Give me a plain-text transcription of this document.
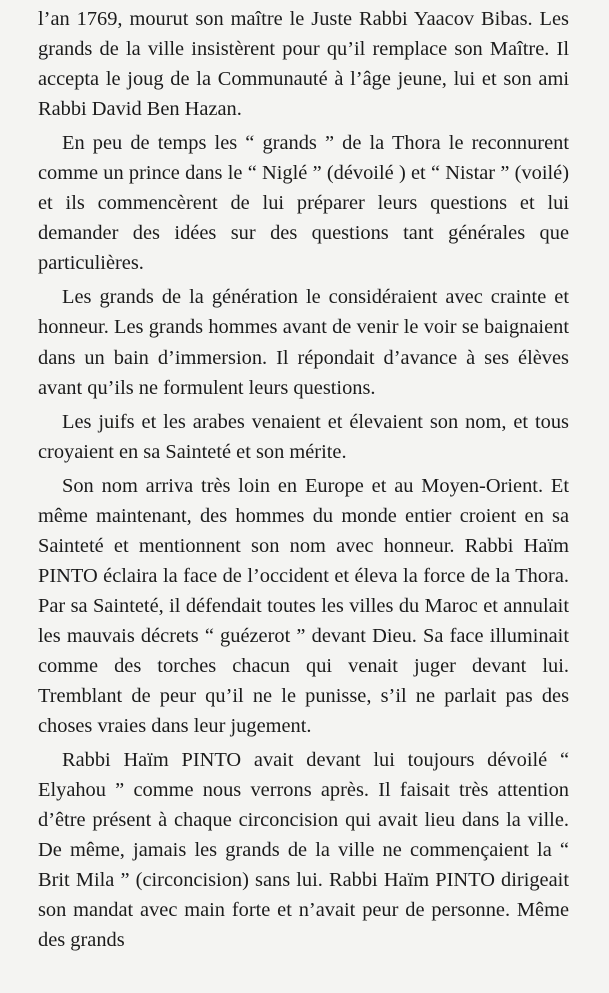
l’an 1769, mourut son maître le Juste Rabbi Yaacov Bibas. Les grands de la ville insistèrent pour qu’il remplace son Maître. Il accepta le joug de la Communauté à l’âge jeune, lui et son ami Rabbi David Ben Hazan.

En peu de temps les “ grands ” de la Thora le reconnurent comme un prince dans le “ Niglé ” (dévoilé ) et “ Nistar ” (voilé) et ils commencèrent de lui préparer leurs questions et lui demander des idées sur des questions tant générales que particulières.

Les grands de la génération le considéraient avec crainte et honneur. Les grands hommes avant de venir le voir se baignaient dans un bain d’immersion. Il répondait d’avance à ses élèves avant qu’ils ne formulent leurs questions.

Les juifs et les arabes venaient et élevaient son nom, et tous croyaient en sa Sainteté et son mérite.

Son nom arriva très loin en Europe et au Moyen-Orient. Et même maintenant, des hommes du monde entier croient en sa Sainteté et mentionnent son nom avec honneur. Rabbi Haïm PINTO éclaira la face de l’occident et éleva la force de la Thora. Par sa Sainteté, il défendait toutes les villes du Maroc et annulait les mauvais décrets “ guézerot ” devant Dieu. Sa face illuminait comme des torches chacun qui venait juger devant lui. Tremblant de peur qu’il ne le punisse, s’il ne parlait pas des choses vraies dans leur jugement.

Rabbi Haïm PINTO avait devant lui toujours dévoilé “ Elyahou ” comme nous verrons après. Il faisait très attention d’être présent à chaque circoncision qui avait lieu dans la ville. De même, jamais les grands de la ville ne commençaient la “ Brit Mila ” (circoncision) sans lui. Rabbi Haïm PINTO dirigeait son mandat avec main forte et n’avait peur de personne. Même des grands
